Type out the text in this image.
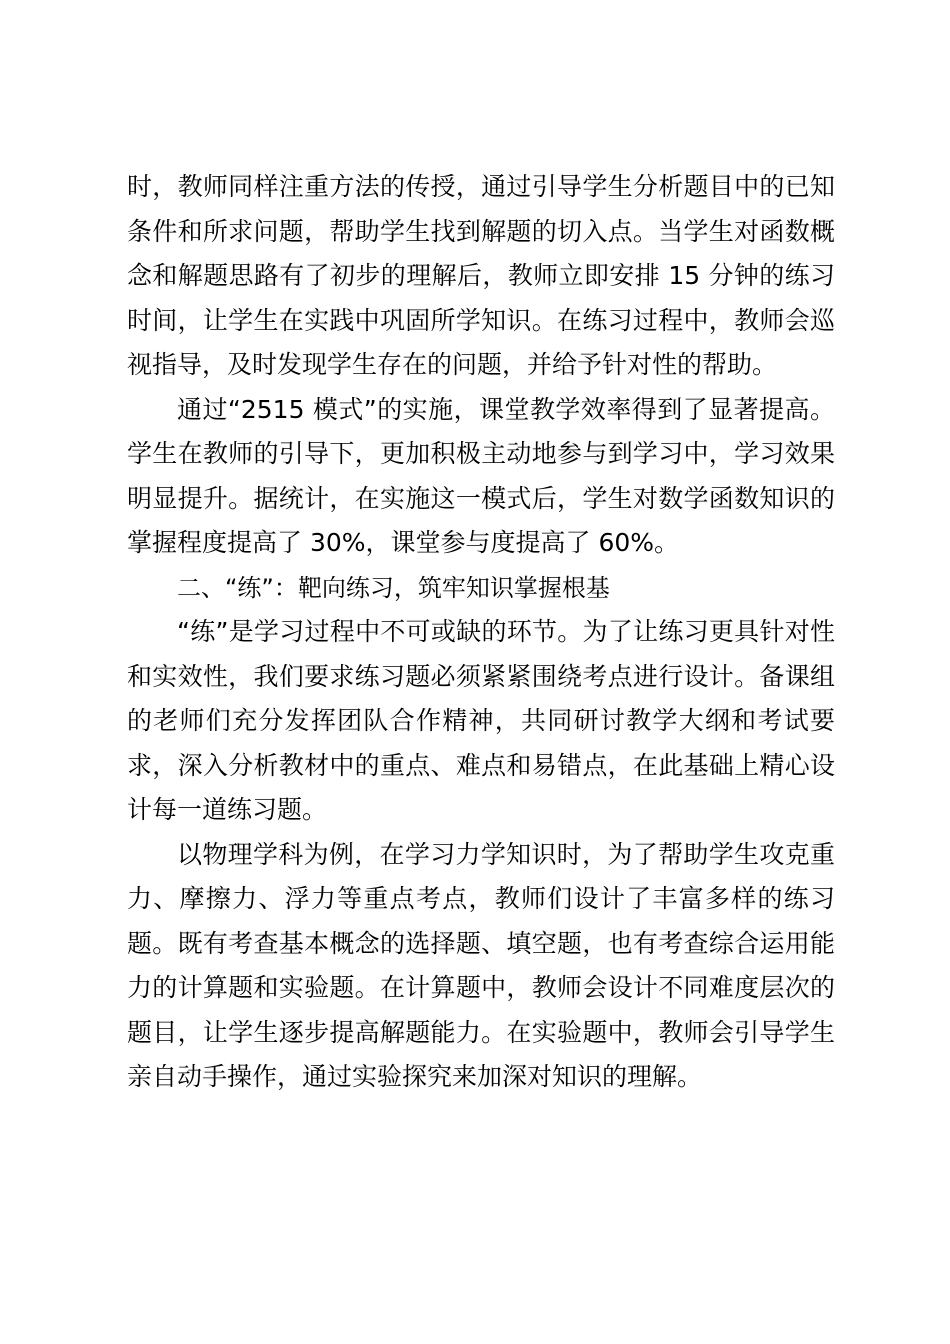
时，教师同样注重方法的传授，通过引导学生分析题目中的已知条件和所求问题，帮助学生找到解题的切入点。当学生对函数概念和解题思路有了初步的理解后，教师立即安排 15 分钟的练习时间，让学生在实践中巩固所学知识。在练习过程中，教师会巡视指导，及时发现学生存在的问题，并给予针对性的帮助。

通过“2515 模式”的实施，课堂教学效率得到了显著提高。学生在教师的引导下，更加积极主动地参与到学习中，学习效果明显提升。据统计，在实施这一模式后，学生对数学函数知识的掌握程度提高了 30%，课堂参与度提高了 60%。

二、“练”：靶向练习，筑牢知识掌握根基

“练”是学习过程中不可或缺的环节。为了让练习更具针对性和实效性，我们要求练习题必须紧紧围绕考点进行设计。备课组的老师们充分发挥团队合作精神，共同研讨教学大纲和考试要求，深入分析教材中的重点、难点和易错点，在此基础上精心设计每一道练习题。

以物理学科为例，在学习力学知识时，为了帮助学生攻克重力、摩擦力、浮力等重点考点，教师们设计了丰富多样的练习题。既有考查基本概念的选择题、填空题，也有考查综合运用能力的计算题和实验题。在计算题中，教师会设计不同难度层次的题目，让学生逐步提高解题能力。在实验题中，教师会引导学生亲自动手操作，通过实验探究来加深对知识的理解。
